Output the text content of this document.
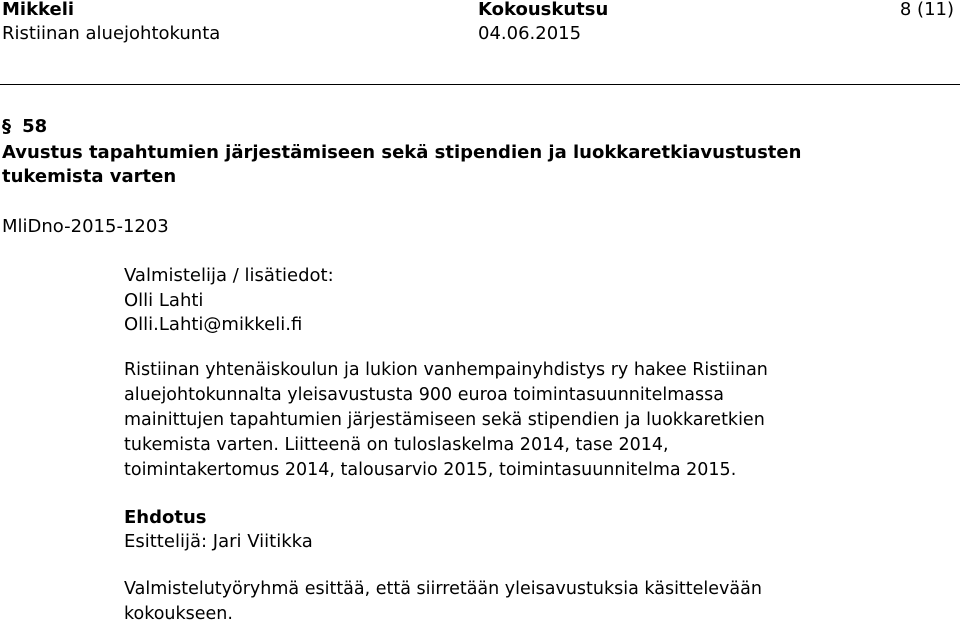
Mikkeli	Kokouskutsu	8 (11)
Ristiinan aluejohtokunta	04.06.2015
§ 58
Avustus tapahtumien järjestämiseen sekä stipendien ja luokkaretkiavustusten
tukemista varten
MliDno-2015-1203
Valmistelija / lisätiedot:
Olli Lahti
Olli.Lahti@mikkeli.fi
Ristiinan yhtenäiskoulun ja lukion vanhempainyhdistys ry hakee Ristiinan
aluejohtokunnalta yleisavustusta 900 euroa toimintasuunnitelmassa
mainittujen tapahtumien järjestämiseen sekä stipendien ja luokkaretkien
tukemista varten. Liitteenä on tuloslaskelma 2014, tase 2014,
toimintakertomus 2014, talousarvio 2015, toimintasuunnitelma 2015.
Ehdotus
Esittelijä: Jari Viitikka
Valmistelutyöryhmä esittää, että siirretään yleisavustuksia käsittelevään
kokoukseen.
